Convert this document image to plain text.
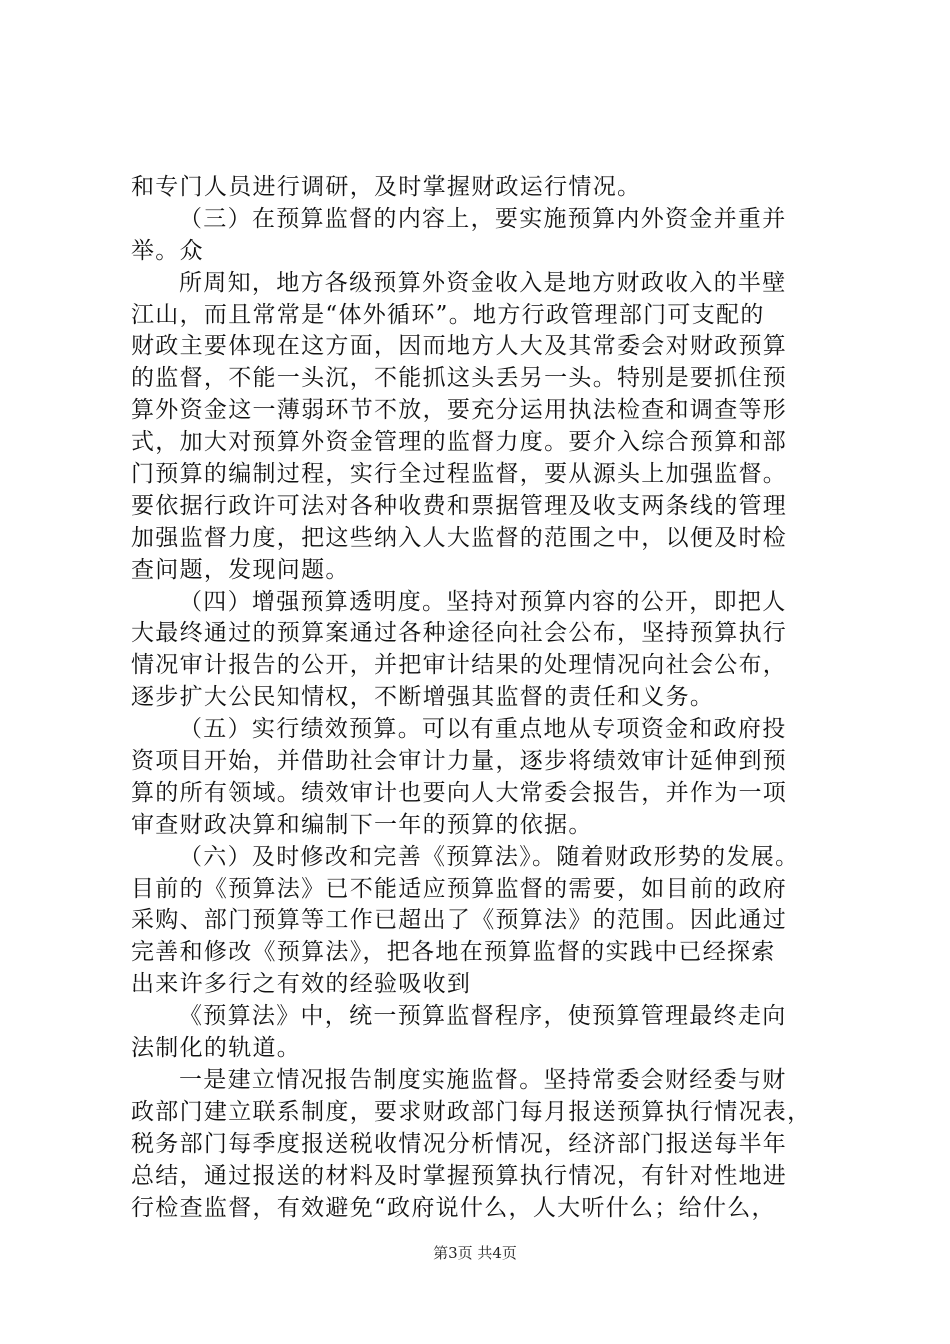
和专门人员进行调研，及时掌握财政运行情况。
（三）在预算监督的内容上，要实施预算内外资金并重并
举。众
所周知，地方各级预算外资金收入是地方财政收入的半壁
江山，而且常常是“体外循环”。地方行政管理部门可支配的
财政主要体现在这方面，因而地方人大及其常委会对财政预算
的监督，不能一头沉，不能抓这头丢另一头。特别是要抓住预
算外资金这一薄弱环节不放，要充分运用执法检查和调查等形
式，加大对预算外资金管理的监督力度。要介入综合预算和部
门预算的编制过程，实行全过程监督，要从源头上加强监督。
要依据行政许可法对各种收费和票据管理及收支两条线的管理
加强监督力度，把这些纳入人大监督的范围之中，以便及时检
查问题，发现问题。
（四）增强预算透明度。坚持对预算内容的公开，即把人
大最终通过的预算案通过各种途径向社会公布，坚持预算执行
情况审计报告的公开，并把审计结果的处理情况向社会公布，
逐步扩大公民知情权，不断增强其监督的责任和义务。
（五）实行绩效预算。可以有重点地从专项资金和政府投
资项目开始，并借助社会审计力量，逐步将绩效审计延伸到预
算的所有领域。绩效审计也要向人大常委会报告，并作为一项
审查财政决算和编制下一年的预算的依据。
（六）及时修改和完善《预算法》。随着财政形势的发展。
目前的《预算法》已不能适应预算监督的需要，如目前的政府
采购、部门预算等工作已超出了《预算法》的范围。因此通过
完善和修改《预算法》，把各地在预算监督的实践中已经探索
出来许多行之有效的经验吸收到
《预算法》中，统一预算监督程序，使预算管理最终走向
法制化的轨道。
一是建立情况报告制度实施监督。坚持常委会财经委与财
政部门建立联系制度，要求财政部门每月报送预算执行情况表，
税务部门每季度报送税收情况分析情况，经济部门报送每半年
总结，通过报送的材料及时掌握预算执行情况，有针对性地进
行检查监督，有效避免“政府说什么，人大听什么；给什么，
第3页 共4页
